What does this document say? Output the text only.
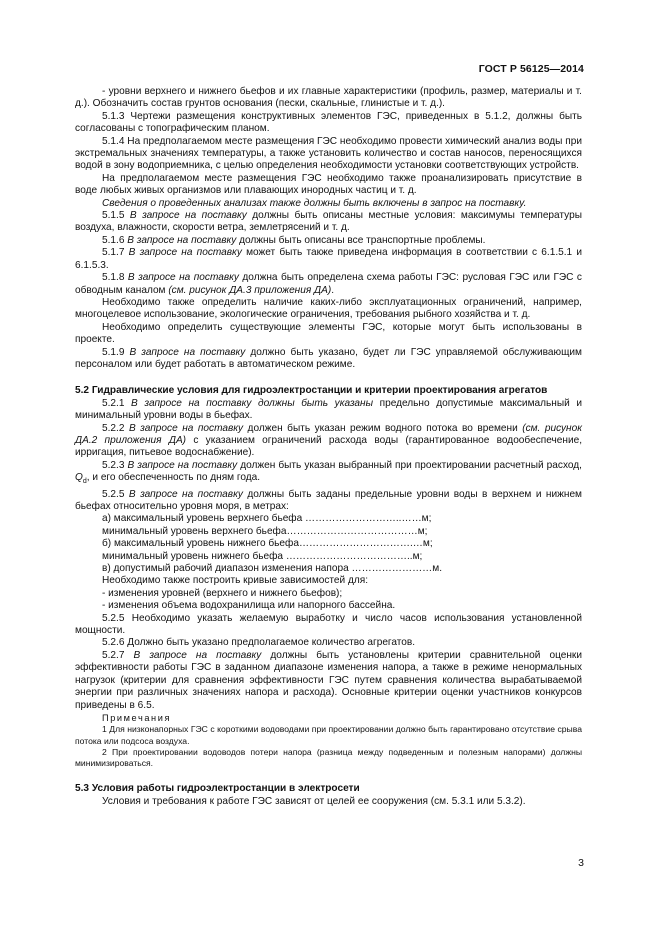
ГОСТ Р 56125—2014

- уровни верхнего и нижнего бьефов и их главные характеристики (профиль, размер, материалы и т. д.). Обозначить состав грунтов основания (пески, скальные, глинистые и т. д.).

5.1.3 Чертежи размещения конструктивных элементов ГЭС, приведенных в 5.1.2, должны быть согласованы с топографическим планом.

5.1.4 На предполагаемом месте размещения ГЭС необходимо провести химический анализ воды при экстремальных значениях температуры, а также установить количество и состав наносов, переносящихся водой в зону водоприемника, с целью определения необходимости установки соответствующих устройств.

На предполагаемом месте размещения ГЭС необходимо также проанализировать присутствие в воде любых живых организмов или плавающих инородных частиц и т. д.

Сведения о проведенных анализах также должны быть включены в запрос на поставку.

5.1.5 В запросе на поставку должны быть описаны местные условия: максимумы температуры воздуха, влажности, скорости ветра, землетрясений и т. д.

5.1.6 В запросе на поставку должны быть описаны все транспортные проблемы.

5.1.7 В запросе на поставку может быть также приведена информация в соответствии с 6.1.5.1 и 6.1.5.3.

5.1.8 В запросе на поставку должна быть определена схема работы ГЭС: русловая ГЭС или ГЭС с обводным каналом (см. рисунок ДА.3 приложения ДА).

Необходимо также определить наличие каких-либо эксплуатационных ограничений, например, многоцелевое использование, экологические ограничения, требования рыбного хозяйства и т. д.

Необходимо определить существующие элементы ГЭС, которые могут быть использованы в проекте.

5.1.9 В запросе на поставку должно быть указано, будет ли ГЭС управляемой обслуживающим персоналом или будет работать в автоматическом режиме.

5.2 Гидравлические условия для гидроэлектростанции и критерии проектирования агрегатов

5.2.1 В запросе на поставку должны быть указаны предельно допустимые максимальный и минимальный уровни воды в бьефах.

5.2.2 В запросе на поставку должен быть указан режим водного потока во времени (см. рисунок ДА.2 приложения ДА) с указанием ограничений расхода воды (гарантированное водообеспечение, ирригация, питьевое водоснабжение).

5.2.3 В запросе на поставку должен быть указан выбранный при проектировании расчетный расход, $Q_d$, и его обеспеченность по дням года.

5.2.5 В запросе на поставку должны быть заданы предельные уровни воды в верхнем и нижнем бьефах относительно уровня моря, в метрах:

а) максимальный уровень верхнего бьефа ………………………..……м;

минимальный уровень верхнего бьефа…………………………………м;

б) максимальный уровень нижнего бьефа…………………………….…м;

минимальный уровень нижнего бьефа ………………………………..м;

в) допустимый рабочий диапазон изменения напора ……………………м.

Необходимо также построить кривые зависимостей для:

- изменения уровней (верхнего и нижнего бьефов);

- изменения объема водохранилища или напорного бассейна.

5.2.5 Необходимо указать желаемую выработку и число часов использования установленной мощности.

5.2.6 Должно быть указано предполагаемое количество агрегатов.

5.2.7 В запросе на поставку должны быть установлены критерии сравнительной оценки эффективности работы ГЭС в заданном диапазоне изменения напора, а также в режиме ненормальных нагрузок (критерии для сравнения эффективности ГЭС путем сравнения количества вырабатываемой энергии при различных значениях напора и расхода). Основные критерии оценки участников конкурсов приведены в 6.5.

Примечания

1 Для низконапорных ГЭС с короткими водоводами при проектировании должно быть гарантировано отсутствие срыва потока или подсоса воздуха.

2 При проектировании водоводов потери напора (разница между подведенным и полезным напорами) должны минимизироваться.

5.3 Условия работы гидроэлектростанции в электросети

Условия и требования к работе ГЭС зависят от целей ее сооружения (см. 5.3.1 или 5.3.2).

3
